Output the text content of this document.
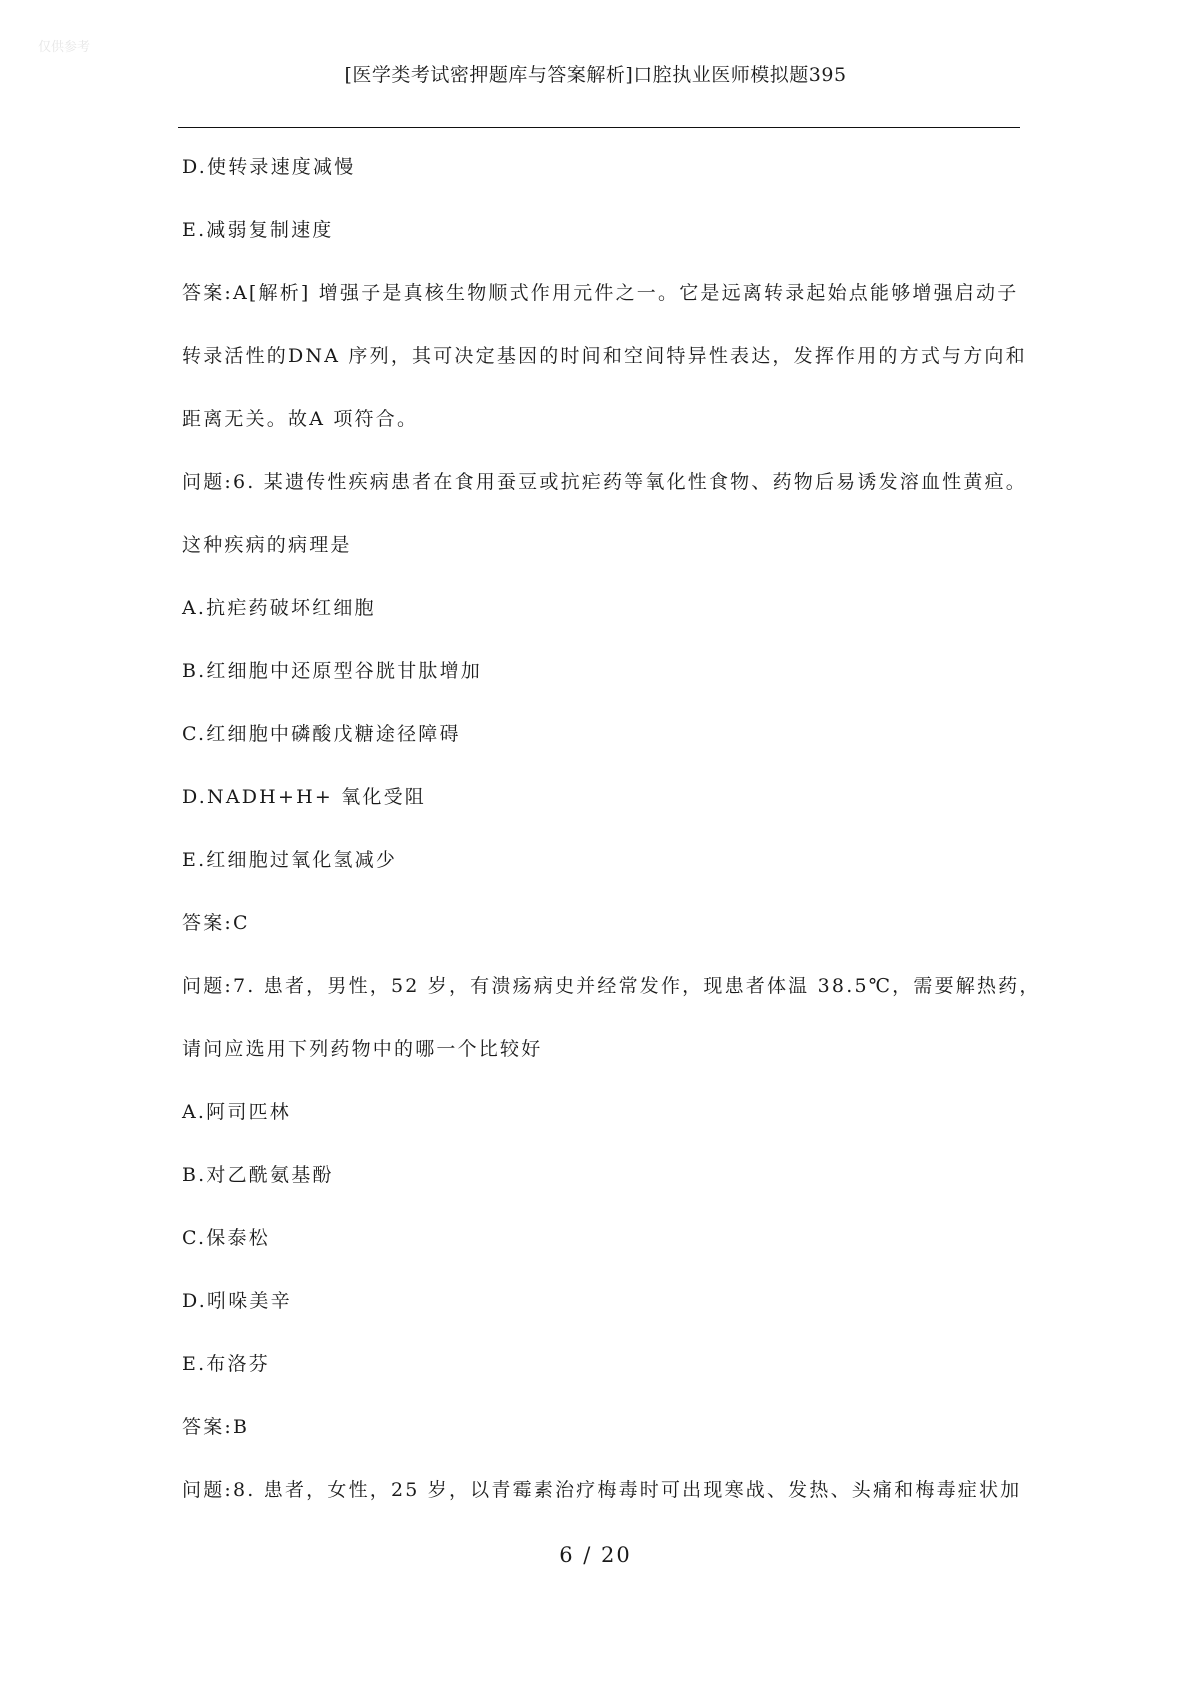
仅供参考
[医学类考试密押题库与答案解析]口腔执业医师模拟题395
D.使转录速度减慢
E.减弱复制速度
答案:A[解析] 增强子是真核生物顺式作用元件之一。它是远离转录起始点能够增强启动子
转录活性的DNA 序列，其可决定基因的时间和空间特异性表达，发挥作用的方式与方向和
距离无关。故A 项符合。
问题:6. 某遗传性疾病患者在食用蚕豆或抗疟药等氧化性食物、药物后易诱发溶血性黄疸。
这种疾病的病理是
A.抗疟药破坏红细胞
B.红细胞中还原型谷胱甘肽增加
C.红细胞中磷酸戊糖途径障碍
D.NADH+H+ 氧化受阻
E.红细胞过氧化氢减少
答案:C
问题:7. 患者，男性，52 岁，有溃疡病史并经常发作，现患者体温 38.5℃，需要解热药，
请问应选用下列药物中的哪一个比较好
A.阿司匹林
B.对乙酰氨基酚
C.保泰松
D.吲哚美辛
E.布洛芬
答案:B
问题:8. 患者，女性，25 岁，以青霉素治疗梅毒时可出现寒战、发热、头痛和梅毒症状加
6 / 20
